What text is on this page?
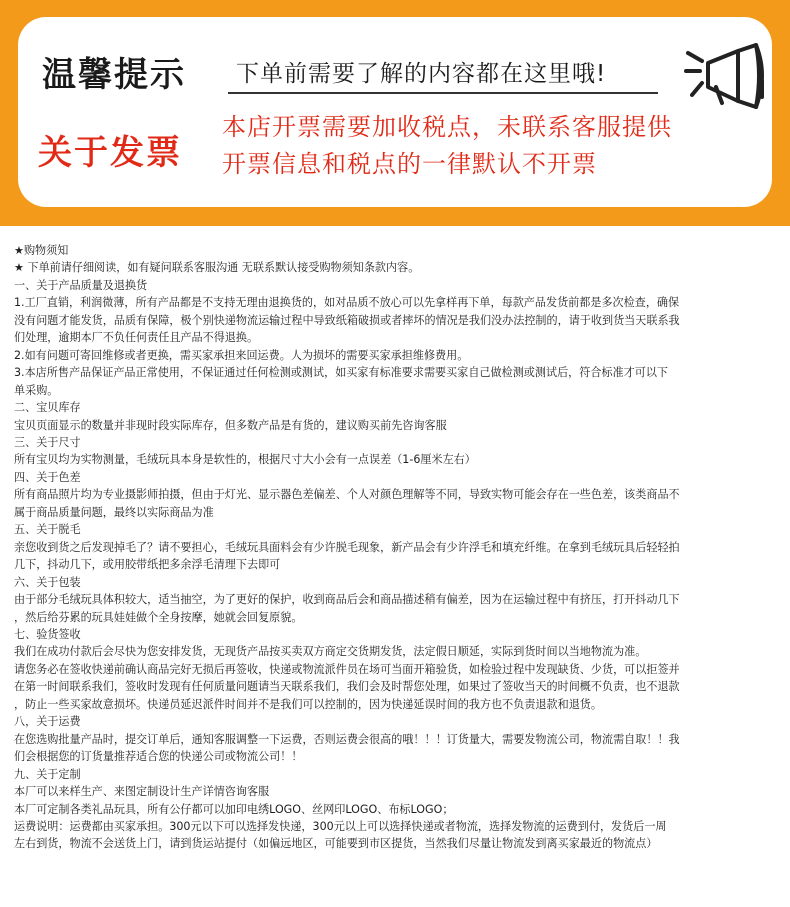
温馨提示 下单前需要了解的内容都在这里哦!
关于发票
本店开票需要加收税点，未联系客服提供
开票信息和税点的一律默认不开票
★购物须知
★ 下单前请仔细阅读，如有疑问联系客服沟通 无联系默认接受购物须知条款内容。
一、关于产品质量及退换货
1.工厂直销，利润微薄，所有产品都是不支持无理由退换货的，如对品质不放心可以先拿样再下单，每款产品发货前都是多次检查，确保
没有问题才能发货，品质有保障，极个别快递物流运输过程中导致纸箱破损或者摔坏的情况是我们没办法控制的，请于收到货当天联系我
们处理，逾期本厂不负任何责任且产品不得退换。
2.如有问题可寄回维修或者更换，需买家承担来回运费。人为损坏的需要买家承担维修费用。
3.本店所售产品保证产品正常使用，不保证通过任何检测或测试，如买家有标准要求需要买家自己做检测或测试后，符合标准才可以下
单采购。
二、宝贝库存
宝贝页面显示的数量并非现时段实际库存，但多数产品是有货的，建议购买前先咨询客服
三、关于尺寸
所有宝贝均为实物测量，毛绒玩具本身是软性的，根据尺寸大小会有一点误差（1-6厘米左右）
四、关于色差
所有商品照片均为专业摄影师拍摄，但由于灯光、显示器色差偏差、个人对颜色理解等不同，导致实物可能会存在一些色差，该类商品不
属于商品质量问题，最终以实际商品为准
五、关于脱毛
亲您收到货之后发现掉毛了？请不要担心，毛绒玩具面料会有少许脱毛现象，新产品会有少许浮毛和填充纤维。在拿到毛绒玩具后轻轻拍
几下，抖动几下，或用胶带纸把多余浮毛清理下去即可
六、关于包装
由于部分毛绒玩具体积较大，适当抽空，为了更好的保护，收到商品后会和商品描述稍有偏差，因为在运输过程中有挤压，打开抖动几下
，然后给芬累的玩具娃娃做个全身按摩，她就会回复原貌。
七、验货签收
我们在成功付款后会尽快为您安排发货，无现货产品按买卖双方商定交货期发货，法定假日顺延，实际到货时间以当地物流为准。
请您务必在签收快递前确认商品完好无损后再签收，快递或物流派件员在场可当面开箱验货，如检验过程中发现缺货、少货，可以拒签并
在第一时间联系我们，签收时发现有任何质量问题请当天联系我们，我们会及时帮您处理，如果过了签收当天的时间概不负责，也不退款
，防止一些买家故意损坏。快递员延迟派件时间并不是我们可以控制的，因为快递延误时间的我方也不负责退款和退货。
八，关于运费
在您选购批量产品时，提交订单后，通知客服调整一下运费，否则运费会很高的哦！！！订货量大，需要发物流公司，物流需自取！！我
们会根据您的订货量推荐适合您的快递公司或物流公司！！
九、关于定制
本厂可以来样生产、来图定制设计生产详情咨询客服
本厂可定制各类礼品玩具，所有公仔都可以加印电绣LOGO、丝网印LOGO、布标LOGO；
运费说明：运费都由买家承担。300元以下可以选择发快递，300元以上可以选择快递或者物流，选择发物流的运费到付，发货后一周
左右到货，物流不会送货上门，请到货运站提付（如偏远地区，可能要到市区提货，当然我们尽量让物流发到离买家最近的物流点）
